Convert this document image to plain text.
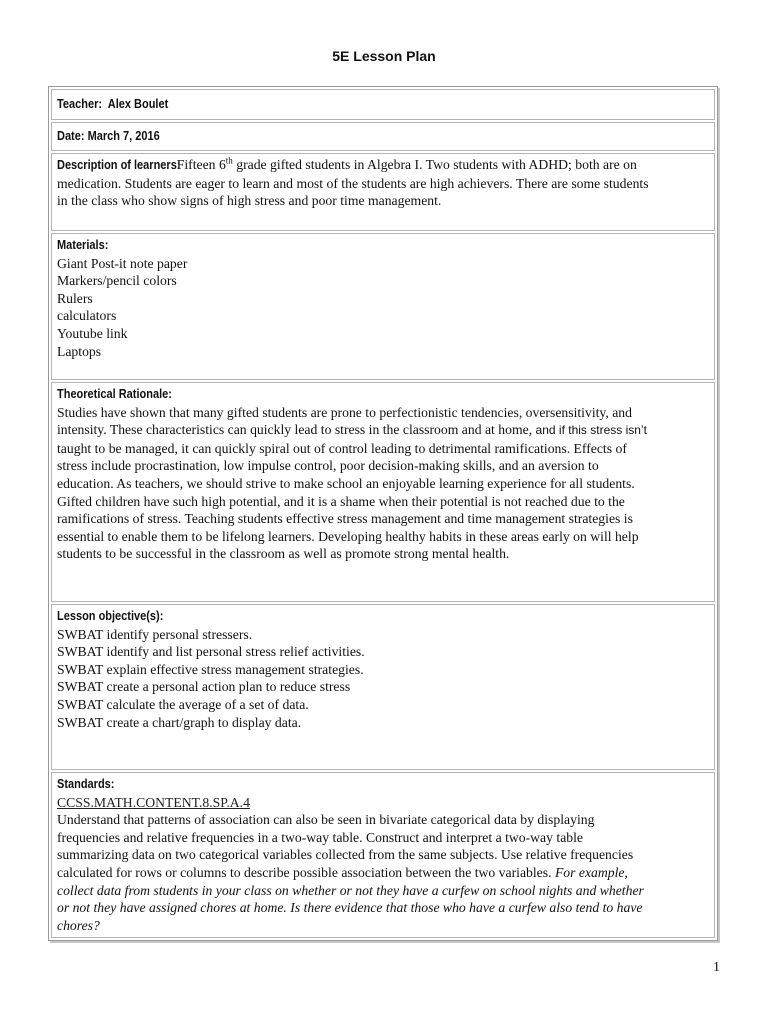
5E Lesson Plan
Teacher: Alex Boulet
Date: March 7, 2016
Description of learners: Fifteen 6th grade gifted students in Algebra I. Two students with ADHD; both are on
medication. Students are eager to learn and most of the students are high achievers. There are some students
in the class who show signs of high stress and poor time management.
Materials:
Giant Post-it note paper
Markers/pencil colors
Rulers
calculators
Youtube link
Laptops
Theoretical Rationale:
Studies have shown that many gifted students are prone to perfectionistic tendencies, oversensitivity, and
intensity. These characteristics can quickly lead to stress in the classroom and at home, and if this stress isn’t
taught to be managed, it can quickly spiral out of control leading to detrimental ramifications. Effects of
stress include procrastination, low impulse control, poor decision-making skills, and an aversion to
education. As teachers, we should strive to make school an enjoyable learning experience for all students.
Gifted children have such high potential, and it is a shame when their potential is not reached due to the
ramifications of stress. Teaching students effective stress management and time management strategies is
essential to enable them to be lifelong learners. Developing healthy habits in these areas early on will help
students to be successful in the classroom as well as promote strong mental health.
Lesson objective(s):
SWBAT identify personal stressers.
SWBAT identify and list personal stress relief activities.
SWBAT explain effective stress management strategies.
SWBAT create a personal action plan to reduce stress
SWBAT calculate the average of a set of data.
SWBAT create a chart/graph to display data.
Standards:
CCSS.MATH.CONTENT.8.SP.A.4
Understand that patterns of association can also be seen in bivariate categorical data by displaying
frequencies and relative frequencies in a two-way table. Construct and interpret a two-way table
summarizing data on two categorical variables collected from the same subjects. Use relative frequencies
calculated for rows or columns to describe possible association between the two variables. For example,
collect data from students in your class on whether or not they have a curfew on school nights and whether
or not they have assigned chores at home. Is there evidence that those who have a curfew also tend to have
chores?
1
